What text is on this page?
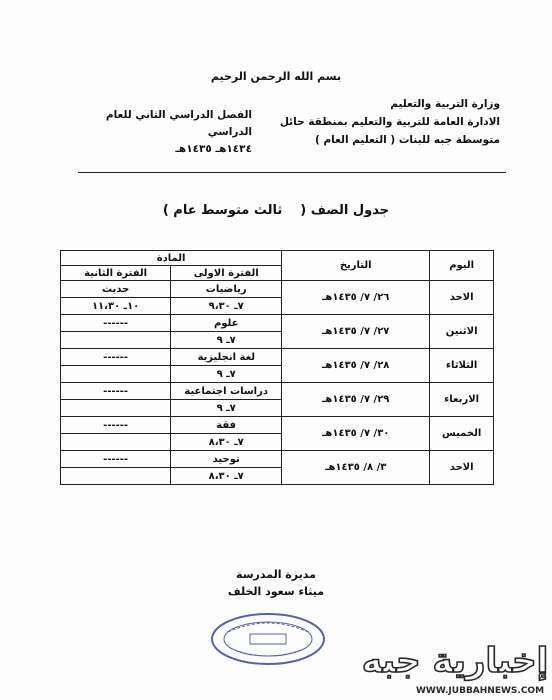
بسم الله الرحمن الرحيم
وزارة التربية والتعليم
الادارة العامة للتربية والتعليم بمنطقة حائل
متوسطة جبه للبنات ( التعليم العام )
الفصل الدراسي الثاني للعام الدراسي
١٤٣٤هـ ١٤٣٥هـ
جدول الصف (ثالث متوسط عام )
اليوم	التاريخ	المادة	
		الفترة الاولى	الفترة الثانية
الاحد	٢٦/ ٧/ ١٤٣٥هـ	رياضيات	حديث
		٧ـ ٩،٣٠	١٠ـ ١١،٣٠
الاثنين	٢٧/ ٧/ ١٤٣٥هـ	علوم	------
		٧ـ ٩	
الثلاثاء	٢٨/ ٧/ ١٤٣٥هـ	لغة انجليزية	------
		٧ـ ٩	
الاربعاء	٢٩/ ٧/ ١٤٣٥هـ	دراسات اجتماعية	------
		٧ـ ٩	
الخميس	٣٠/ ٧/ ١٤٣٥هـ	فقة	------
		٧ـ ٨،٣٠	
الاحد	٣/ ٨/ ١٤٣٥هـ	توحيد	------
		٧ـ ٨،٣٠	
مديرة المدرسة
ميثاء سعود الخلف
إخبارية جبه
WWW.JUBBAHNEWS.COM
